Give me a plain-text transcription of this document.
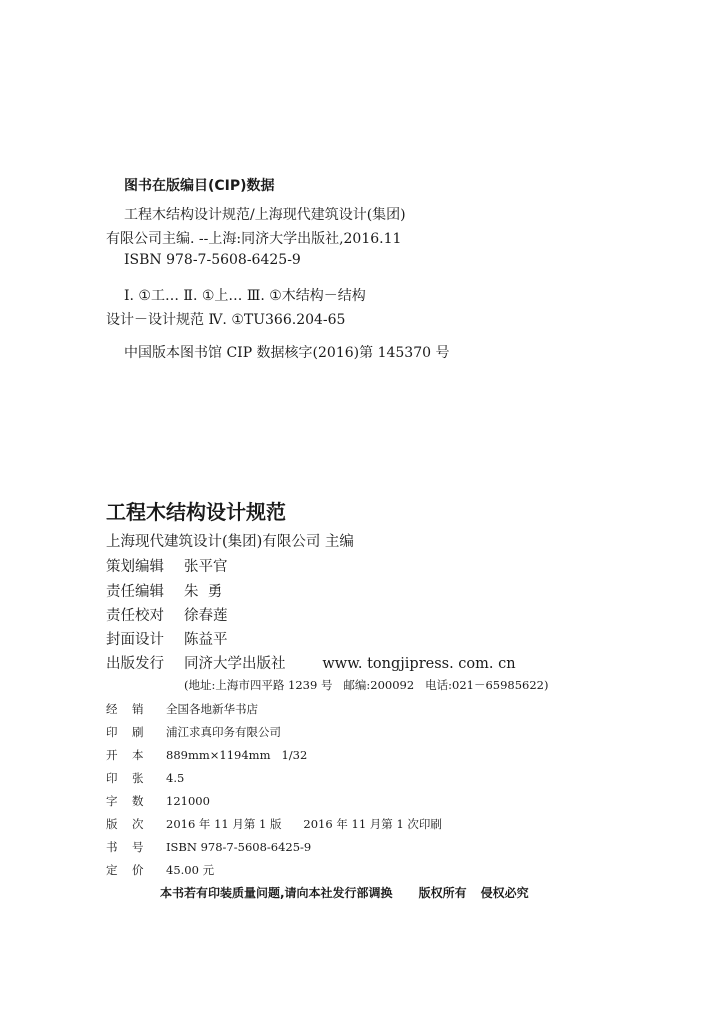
图书在版编目(CIP)数据
工程木结构设计规范/上海现代建筑设计(集团)
有限公司主编. --上海:同济大学出版社,2016.11
ISBN 978-7-5608-6425-9
Ⅰ. ①工… Ⅱ. ①上… Ⅲ. ①木结构－结构
设计－设计规范 Ⅳ. ①TU366.204-65
中国版本图书馆 CIP 数据核字(2016)第 145370 号
工程木结构设计规范
上海现代建筑设计(集团)有限公司 主编
策划编辑 张平官
责任编辑 朱  勇
责任校对 徐春莲
封面设计 陈益平
出版发行 同济大学出版社        www. tongjipress. com. cn
(地址:上海市四平路 1239 号   邮编:200092   电话:021－65985622)
经 销 全国各地新华书店
印 刷 浦江求真印务有限公司
开 本 889mm×1194mm   1/32
印 张 4.5
字 数 121000
版 次 2016 年 11 月第 1 版      2016 年 11 月第 1 次印刷
书 号 ISBN 978-7-5608-6425-9
定 价 45.00 元
本书若有印装质量问题,请向本社发行部调换 版权所有 侵权必究
